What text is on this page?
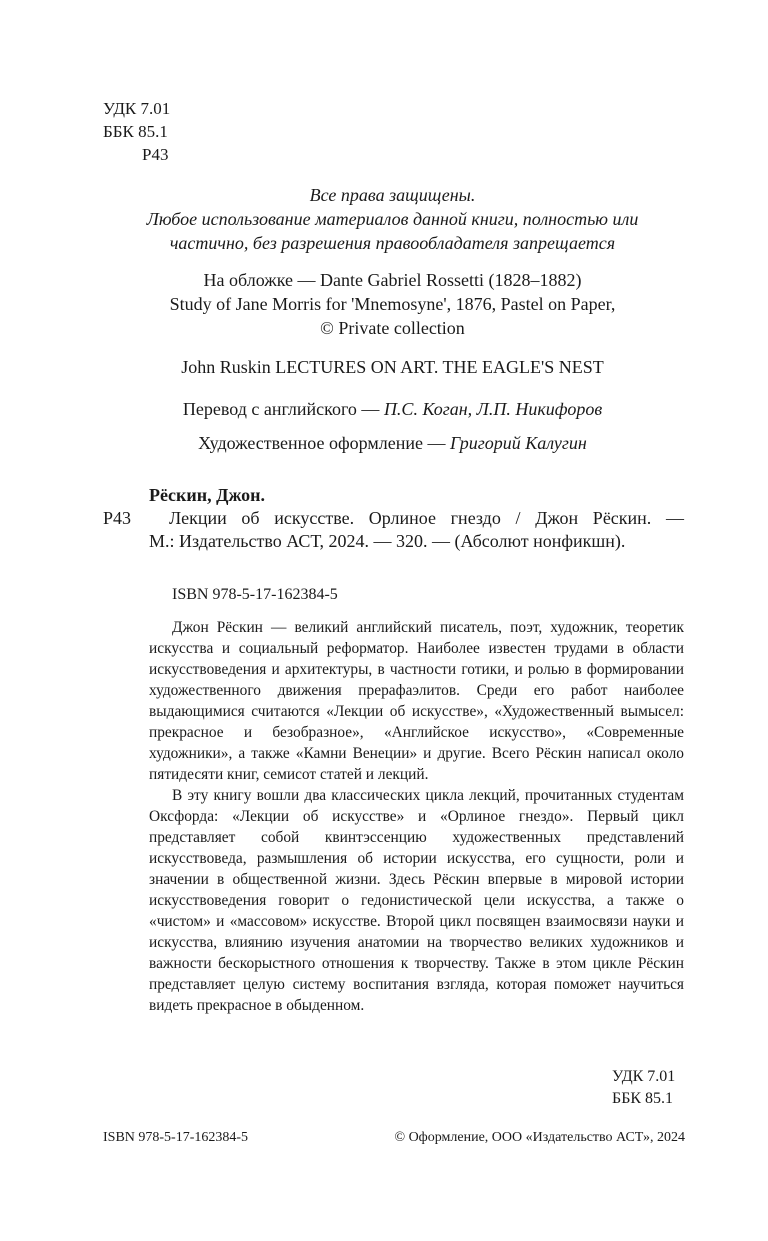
УДК 7.01
ББК 85.1
Р43
Все права защищены.
Любое использование материалов данной книги, полностью или
частично, без разрешения правообладателя запрещается
На обложке — Dante Gabriel Rossetti (1828–1882)
Study of Jane Morris for 'Mnemosyne', 1876, Pastel on Paper,
© Private collection
John Ruskin LECTURES ON ART. THE EAGLE'S NEST
Перевод с английского — П.С. Коган, Л.П. Никифоров
Художественное оформление — Григорий Калугин
Рёскин, Джон.
Р43	Лекции об искусстве. Орлиное гнездо / Джон Рёскин. —
М.: Издательство АСТ, 2024. — 320. — (Абсолют нонфикшн).
ISBN 978-5-17-162384-5

Джон Рёскин — великий английский писатель, поэт, художник, теоретик искусства и социальный реформатор. Наиболее известен трудами в области искусствоведения и архитектуры, в частности готики, и ролью в формировании художественного движения прерафаэлитов. Среди его работ наиболее выдающимися считаются «Лекции об искусстве», «Художественный вымысел: прекрасное и безобразное», «Английское искусство», «Современные художники», а также «Камни Венеции» и другие. Всего Рёскин написал около пятидесяти книг, семисот статей и лекций.

В эту книгу вошли два классических цикла лекций, прочитанных студентам Оксфорда: «Лекции об искусстве» и «Орлиное гнездо». Первый цикл представляет собой квинтэссенцию художественных представлений искусствоведа, размышления об истории искусства, его сущности, роли и значении в общественной жизни. Здесь Рёскин впервые в мировой истории искусствоведения говорит о гедонистической цели искусства, а также о «чистом» и «массовом» искусстве. Второй цикл посвящен взаимосвязи науки и искусства, влиянию изучения анатомии на творчество великих художников и важности бескорыстного отношения к творчеству. Также в этом цикле Рёскин представляет целую систему воспитания взгляда, которая поможет научиться видеть прекрасное в обыденном.

УДК 7.01
ББК 85.1
ISBN 978-5-17-162384-5	© Оформление, ООО «Издательство АСТ», 2024
